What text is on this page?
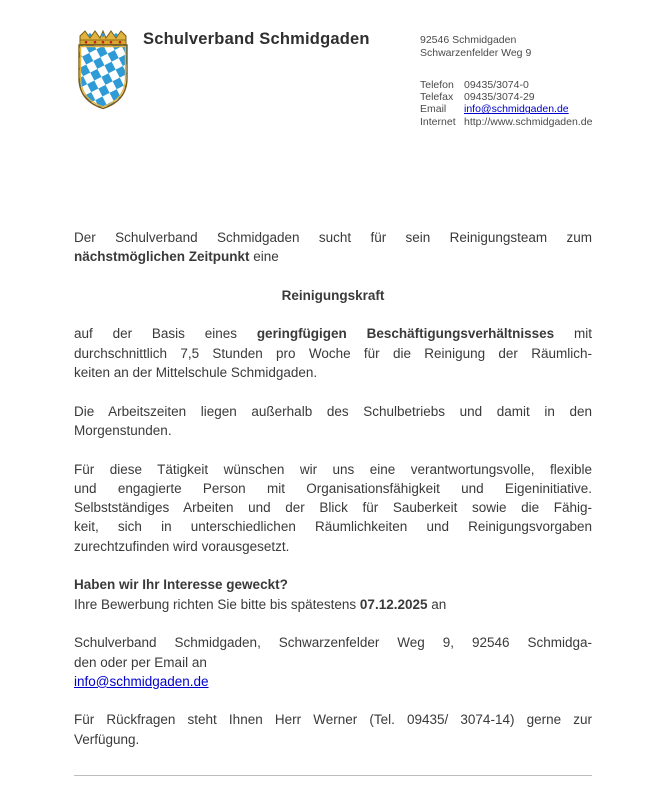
Schulverband Schmidgaden	92546 Schmidgaden
Schwarzenfelder Weg 9
Telefon 09435/3074-0
Telefax 09435/3074-29
Email info@schmidgaden.de
Internet http://www.schmidgaden.de
Der Schulverband Schmidgaden sucht für sein Reinigungsteam zum
nächstmöglichen Zeitpunkt eine
Reinigungskraft
auf der Basis eines geringfügigen Beschäftigungsverhältnisses mit
durchschnittlich 7,5 Stunden pro Woche für die Reinigung der Räumlich-
keiten an der Mittelschule Schmidgaden.
Die Arbeitszeiten liegen außerhalb des Schulbetriebs und damit in den
Morgenstunden.
Für diese Tätigkeit wünschen wir uns eine verantwortungsvolle, flexible
und engagierte Person mit Organisationsfähigkeit und Eigeninitiative.
Selbstständiges Arbeiten und der Blick für Sauberkeit sowie die Fähig-
keit, sich in unterschiedlichen Räumlichkeiten und Reinigungsvorgaben
zurechtzufinden wird vorausgesetzt.
Haben wir Ihr Interesse geweckt?
Ihre Bewerbung richten Sie bitte bis spätestens 07.12.2025 an
Schulverband Schmidgaden, Schwarzenfelder Weg 9, 92546 Schmidga-
den oder per Email an
info@schmidgaden.de
Für Rückfragen steht Ihnen Herr Werner (Tel. 09435/ 3074-14) gerne zur
Verfügung.
